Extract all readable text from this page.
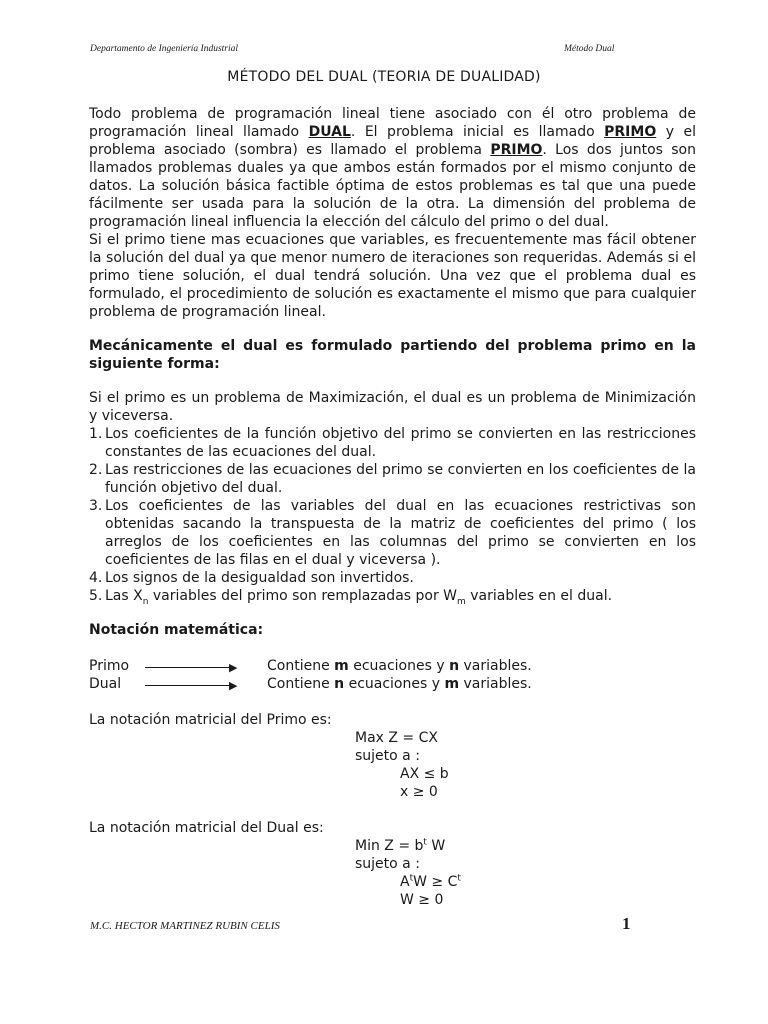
Departamento de Ingeniería Industrial	Método Dual
MÉTODO DEL DUAL (TEORIA DE DUALIDAD)

Todo problema de programación lineal tiene asociado con él otro problema de programación lineal llamado DUAL. El problema inicial es llamado PRIMO y el problema asociado (sombra) es llamado el problema PRIMO. Los dos juntos son llamados problemas duales ya que ambos están formados por el mismo conjunto de datos. La solución básica factible óptima de estos problemas es tal que una puede fácilmente ser usada para la solución de la otra. La dimensión del problema de programación lineal influencia la elección del cálculo del primo o del dual.

Si el primo tiene mas ecuaciones que variables, es frecuentemente mas fácil obtener la solución del dual ya que menor numero de iteraciones son requeridas. Además si el primo tiene solución, el dual tendrá solución. Una vez que el problema dual es formulado, el procedimiento de solución es exactamente el mismo que para cualquier problema de programación lineal.

Mecánicamente el dual es formulado partiendo del problema primo en la siguiente forma:

Si el primo es un problema de Maximización, el dual es un problema de Minimización y viceversa.

1. Los coeficientes de la función objetivo del primo se convierten en las restricciones constantes de las ecuaciones del dual.
2. Las restricciones de las ecuaciones del primo se convierten en los coeficientes de la función objetivo del dual.
3. Los coeficientes de las variables del dual en las ecuaciones restrictivas son obtenidas sacando la transpuesta de la matriz de coeficientes del primo ( los arreglos de los coeficientes en las columnas del primo se convierten en los coeficientes de las filas en el dual y viceversa ).
4. Los signos de la desigualdad son invertidos.
5. Las $X_n$ variables del primo son remplazadas por $W_m$ variables en el dual.

Notación matemática:

Primo	▶ Contiene m ecuaciones y n variables.
Dual	▶ Contiene n ecuaciones y m variables.

La notación matricial del Primo es:

Max Z = CX

sujeto a :

AX ≤ b

x ≥ 0

La notación matricial del Dual es:

Min $Z = b^t$ W

sujeto a :

$A^tW \ge C^t$

W ≥ 0

M.C. HECTOR MARTINEZ RUBIN CELIS	1
